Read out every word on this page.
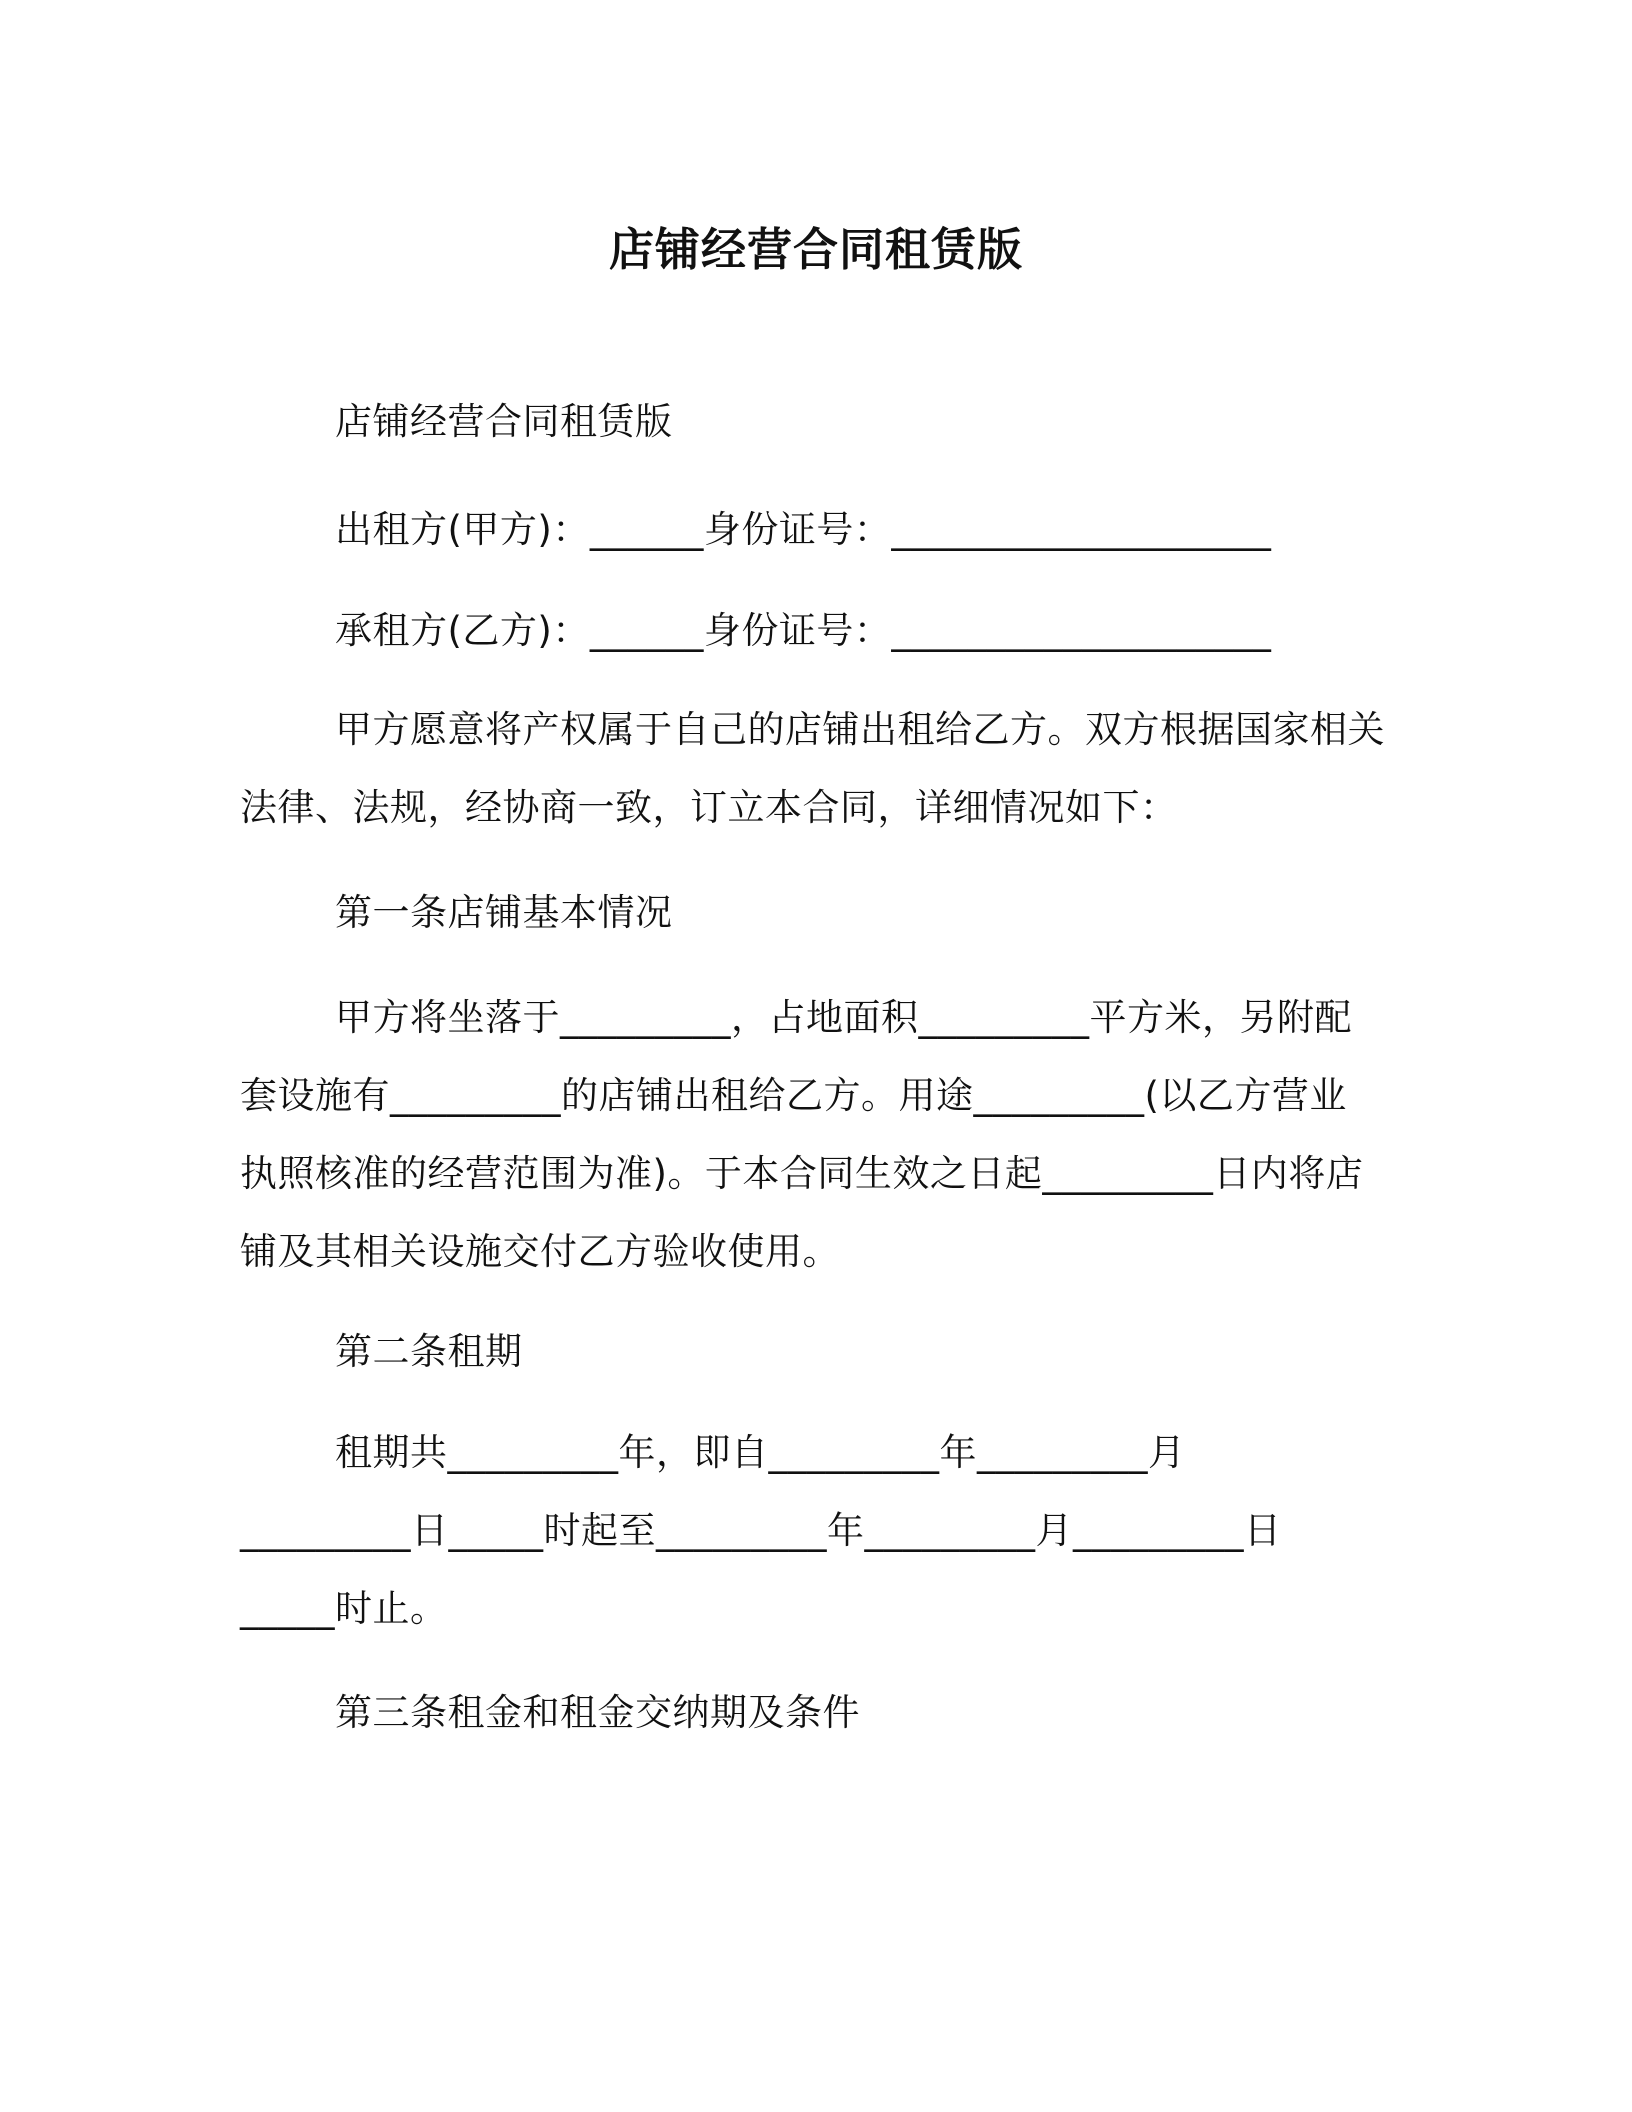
店铺经营合同租赁版
店铺经营合同租赁版
出租方(甲方)：______身份证号：____________________
承租方(乙方)：______身份证号：____________________
甲方愿意将产权属于自己的店铺出租给乙方。双方根据国家相关
法律、法规，经协商一致，订立本合同，详细情况如下：
第一条店铺基本情况
甲方将坐落于_________，占地面积_________平方米，另附配
套设施有_________的店铺出租给乙方。用途_________(以乙方营业
执照核准的经营范围为准)。于本合同生效之日起_________日内将店
铺及其相关设施交付乙方验收使用。
第二条租期
租期共_________年，即自_________年_________月
_________日_____时起至_________年_________月_________日
_____时止。
第三条租金和租金交纳期及条件
